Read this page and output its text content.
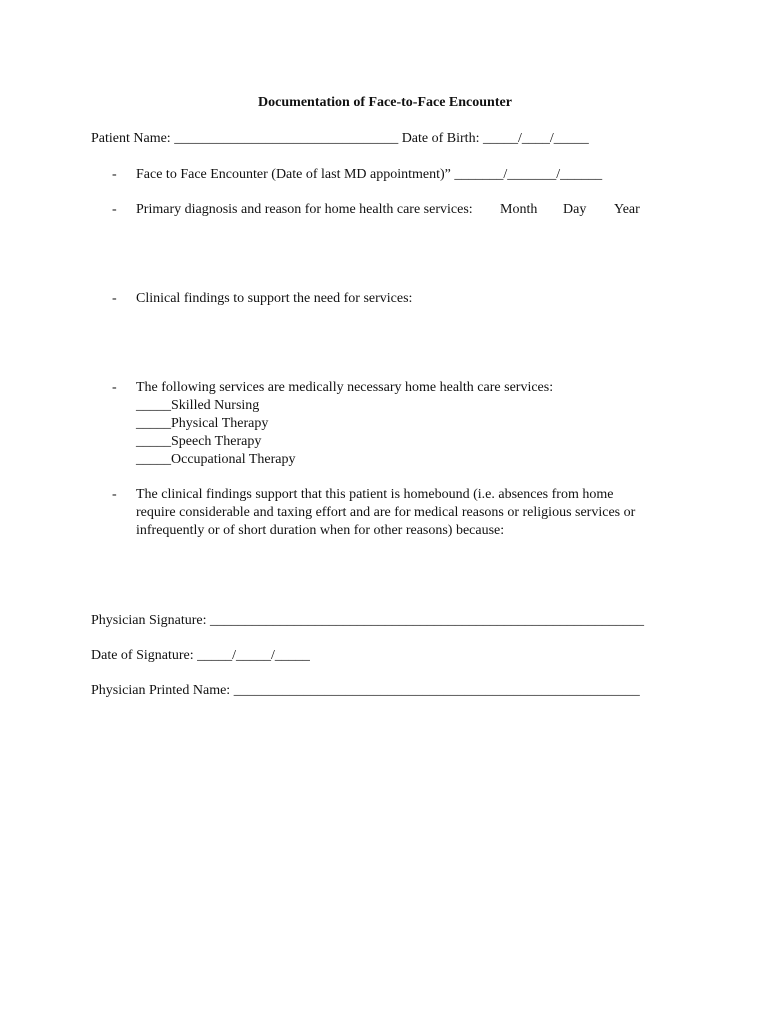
Documentation of Face-to-Face Encounter
Patient Name: ________________________________ Date of Birth: _____/____/_____
- Face to Face Encounter (Date of last MD appointment)” _______/_______/______

Month Day Year

- Primary diagnosis and reason for home health care services:
- Clinical findings to support the need for services:
- The following services are medically necessary home health care services:
_____Skilled Nursing
_____Physical Therapy
_____Speech Therapy
_____Occupational Therapy
- The clinical findings support that this patient is homebound (i.e. absences from home
require considerable and taxing effort and are for medical reasons or religious services or
infrequently or of short duration when for other reasons) because:
Physician Signature: ______________________________________________________________
Date of Signature: _____/_____/_____
Physician Printed Name: __________________________________________________________
